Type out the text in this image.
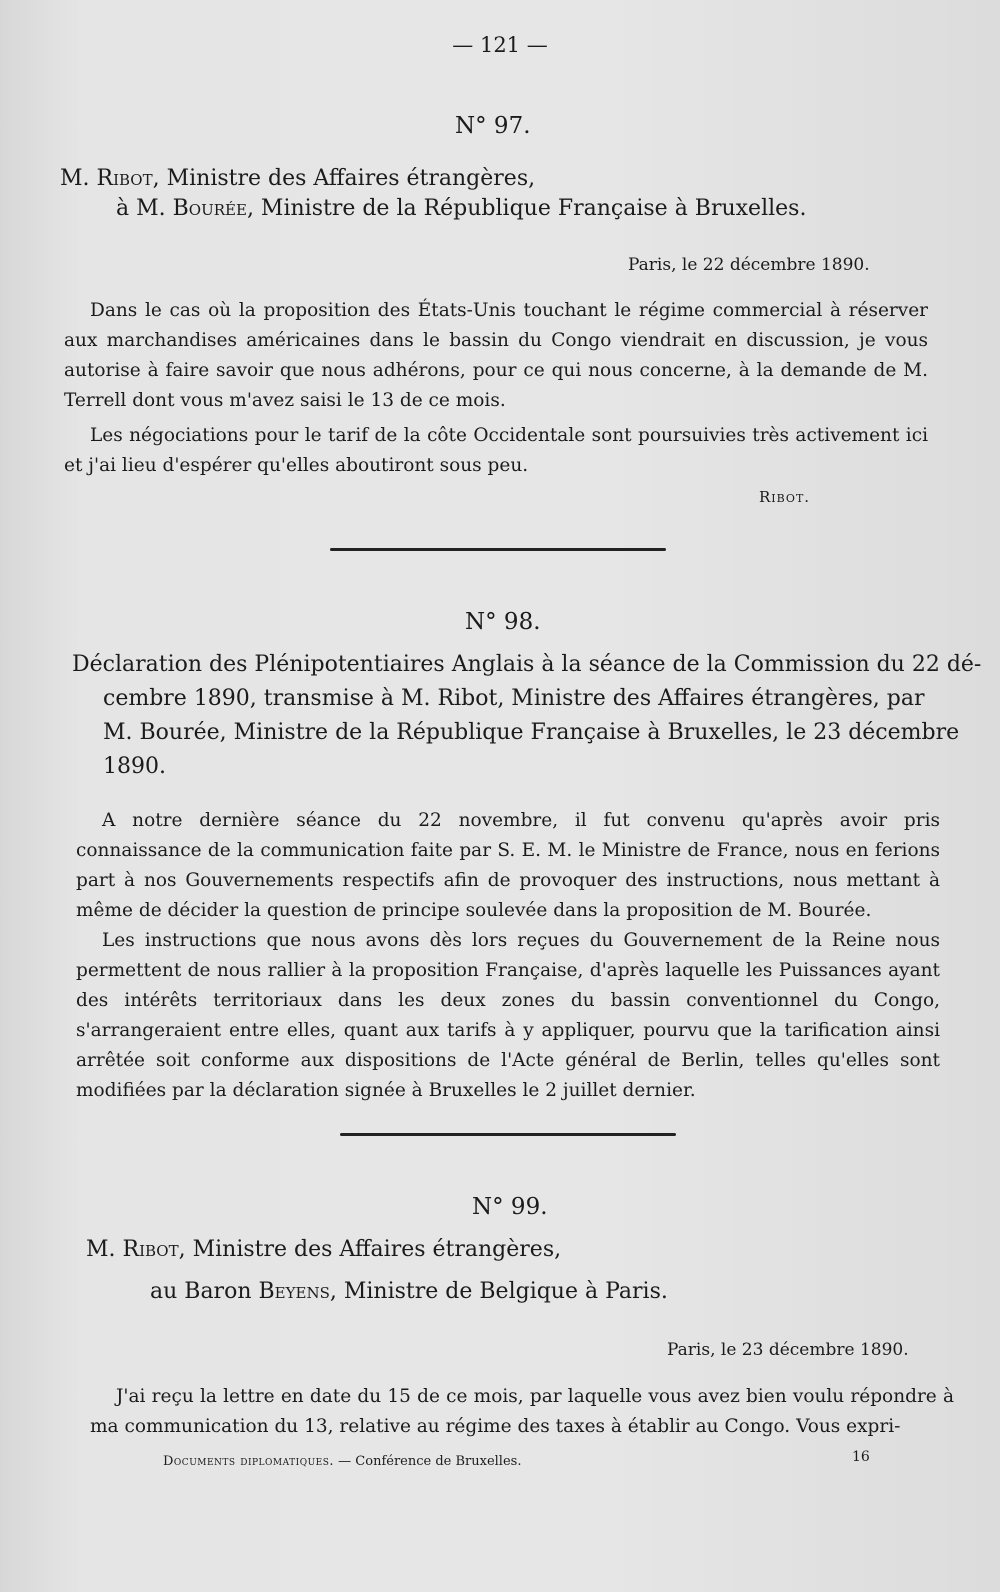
— 121 —
N° 97.
M. Ribot, Ministre des Affaires étrangères,
à M. Bourée, Ministre de la République Française à Bruxelles.
Paris, le 22 décembre 1890.

Dans le cas où la proposition des États-Unis touchant le régime commercial à réserver aux marchandises américaines dans le bassin du Congo viendrait en discussion, je vous autorise à faire savoir que nous adhérons, pour ce qui nous concerne, à la demande de M. Terrell dont vous m'avez saisi le 13 de ce mois.

Les négociations pour le tarif de la côte Occidentale sont poursuivies très activement ici et j'ai lieu d'espérer qu'elles aboutiront sous peu.

Ribot.
N° 98.
Déclaration des Plénipotentiaires Anglais à la séance de la Commission du 22 dé-
cembre 1890, transmise à M. Ribot, Ministre des Affaires étrangères, par
M. Bourée, Ministre de la République Française à Bruxelles, le 23 décembre
1890.

A notre dernière séance du 22 novembre, il fut convenu qu'après avoir pris connaissance de la communication faite par S. E. M. le Ministre de France, nous en ferions part à nos Gouvernements respectifs afin de provoquer des instructions, nous mettant à même de décider la question de principe soulevée dans la proposition de M. Bourée.

Les instructions que nous avons dès lors reçues du Gouvernement de la Reine nous permettent de nous rallier à la proposition Française, d'après laquelle les Puissances ayant des intérêts territoriaux dans les deux zones du bassin conventionnel du Congo, s'arrangeraient entre elles, quant aux tarifs à y appliquer, pourvu que la tarification ainsi arrêtée soit conforme aux dispositions de l'Acte général de Berlin, telles qu'elles sont modifiées par la déclaration signée à Bruxelles le 2 juillet dernier.

N° 99.
M. Ribot, Ministre des Affaires étrangères,
au Baron Beyens, Ministre de Belgique à Paris.
Paris, le 23 décembre 1890.

J'ai reçu la lettre en date du 15 de ce mois, par laquelle vous avez bien voulu répondre à ma communication du 13, relative au régime des taxes à établir au Congo. Vous expri-

Documents diplomatiques. — Conférence de Bruxelles.	16
